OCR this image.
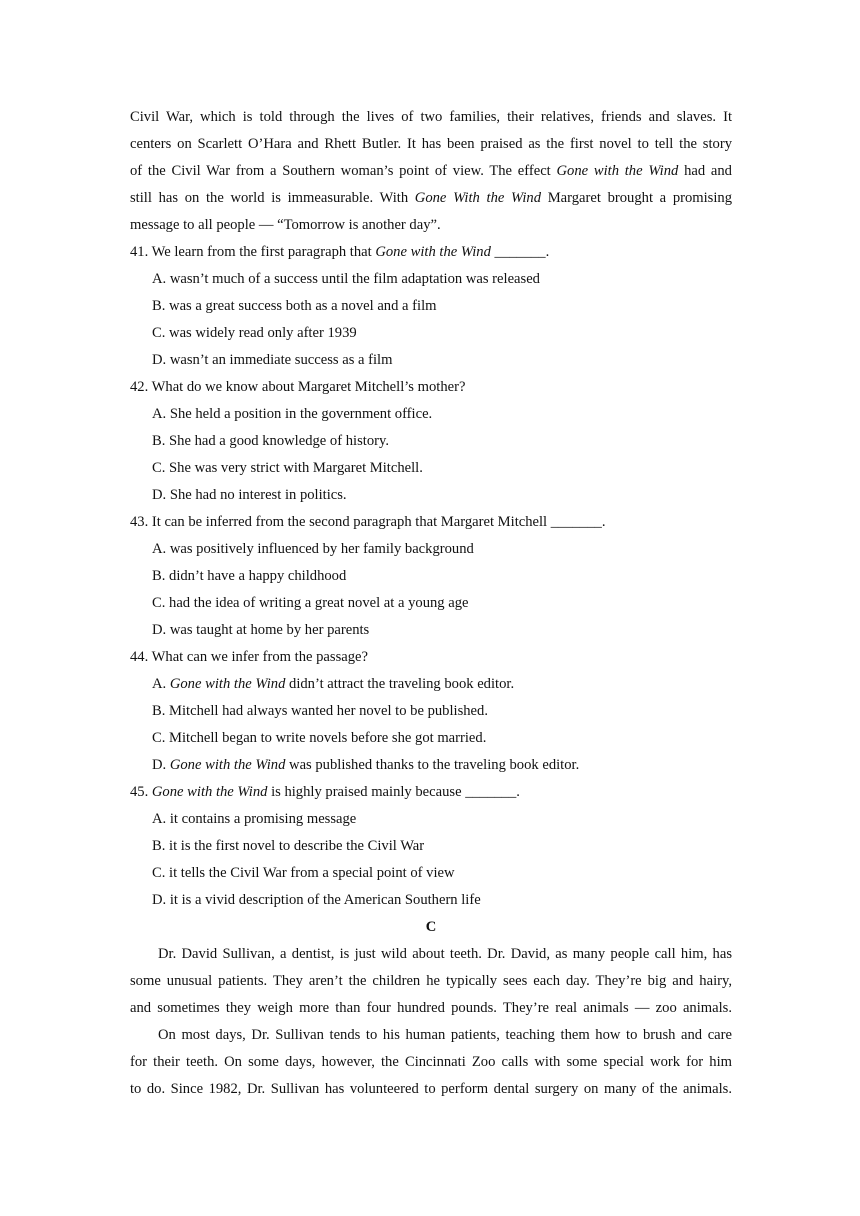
Civil War, which is told through the lives of two families, their relatives, friends and slaves. It
centers on Scarlett O’Hara and Rhett Butler. It has been praised as the first novel to tell the story
of the Civil War from a Southern woman’s point of view. The effect Gone with the Wind had and
still has on the world is immeasurable. With Gone With the Wind Margaret brought a promising
message to all people — “Tomorrow is another day”.

41. We learn from the first paragraph that Gone with the Wind _______.

A. wasn’t much of a success until the film adaptation was released

B. was a great success both as a novel and a film

C. was widely read only after 1939

D. wasn’t an immediate success as a film

42. What do we know about Margaret Mitchell’s mother?

A. She held a position in the government office.

B. She had a good knowledge of history.

C. She was very strict with Margaret Mitchell.

D. She had no interest in politics.

43. It can be inferred from the second paragraph that Margaret Mitchell _______.

A. was positively influenced by her family background

B. didn’t have a happy childhood

C. had the idea of writing a great novel at a young age

D. was taught at home by her parents

44. What can we infer from the passage?

A. Gone with the Wind didn’t attract the traveling book editor.

B. Mitchell had always wanted her novel to be published.

C. Mitchell began to write novels before she got married.

D. Gone with the Wind was published thanks to the traveling book editor.

45. Gone with the Wind is highly praised mainly because _______.

A. it contains a promising message

B. it is the first novel to describe the Civil War

C. it tells the Civil War from a special point of view

D. it is a vivid description of the American Southern life

C

Dr. David Sullivan, a dentist, is just wild about teeth. Dr. David, as many people call him, has
some unusual patients. They aren’t the children he typically sees each day. They’re big and hairy,
and sometimes they weigh more than four hundred pounds. They’re real animals — zoo animals.
On most days, Dr. Sullivan tends to his human patients, teaching them how to brush and care
for their teeth. On some days, however, the Cincinnati Zoo calls with some special work for him
to do. Since 1982, Dr. Sullivan has volunteered to perform dental surgery on many of the animals.
